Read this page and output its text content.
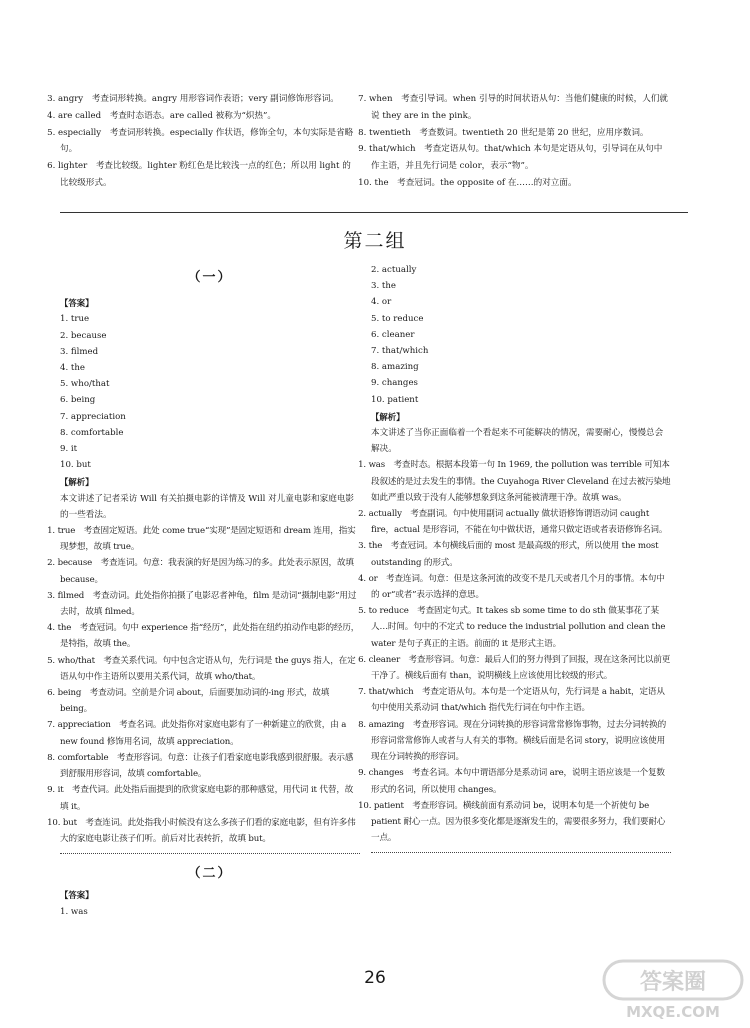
3. angry　考查词形转换。angry 用形容词作表语；very 副词修饰形容词。

4. are called　考查时态语态。are called 被称为“炽热”。

5. especially　考查词形转换。especially 作状语，修饰全句，本句实际是省略句。

6. lighter　考查比较级。lighter 粉红色是比较浅一点的红色；所以用 light 的比较级形式。

7. when　考查引导词。when 引导的时间状语从句：当他们健康的时候，人们就说 they are in the pink。

8. twentieth　考查数词。twentieth 20 世纪是第 20 世纪，应用序数词。

9. that/which　考查定语从句。that/which 本句是定语从句，引导词在从句中作主语，并且先行词是 color，表示“物”。

10. the　考查冠词。the opposite of 在……的对立面。

第二组

（一）

【答案】

1. true

2. because

3. filmed

4. the

5. who/that

6. being

7. appreciation

8. comfortable

9. it

10. but

【解析】

本文讲述了记者采访 Will 有关拍摄电影的详情及 Will 对儿童电影和家庭电影的一些看法。

1. true　考查固定短语。此处 come true“实现”是固定短语和 dream 连用，指实现梦想，故填 true。

2. because　考查连词。句意：我表演的好是因为练习的多。此处表示原因，故填 because。

3. filmed　考查动词。此处指你拍摄了电影忍者神龟，film 是动词“摄制电影”用过去时，故填 filmed。

4. the　考查冠词。句中 experience 指“经历”，此处指在纽约拍动作电影的经历，是特指，故填 the。

5. who/that　考查关系代词。句中包含定语从句，先行词是 the guys 指人，在定语从句中作主语所以要用关系代词，故填 who/that。

6. being　考查动词。空前是介词 about，后面要加动词的-ing 形式，故填 being。

7. appreciation　考查名词。此处指你对家庭电影有了一种新建立的欣赏，由 a new found 修饰用名词，故填 appreciation。

8. comfortable　考查形容词。句意：让孩子们看家庭电影我感到很舒服。表示感到舒服用形容词，故填 comfortable。

9. it　考查代词。此处指后面提到的欣赏家庭电影的那种感觉，用代词 it 代替，故填 it。

10. but　考查连词。此处指我小时候没有这么多孩子们看的家庭电影，但有许多伟大的家庭电影让孩子们听。前后对比表转折，故填 but。

（二）

【答案】

1. was

2. actually

3. the

4. or

5. to reduce

6. cleaner

7. that/which

8. amazing

9. changes

10. patient

【解析】

本文讲述了当你正面临着一个看起来不可能解决的情况，需要耐心，慢慢总会解决。

1. was　考查时态。根据本段第一句 In 1969, the pollution was terrible 可知本段叙述的是过去发生的事情。the Cuyahoga River Cleveland 在过去被污染地如此严重以致于没有人能够想象到这条河能被清理干净。故填 was。

2. actually　考查副词。句中使用副词 actually 做状语修饰谓语动词 caught fire，actual 是形容词，不能在句中做状语，通常只做定语或者表语修饰名词。

3. the　考查冠词。本句横线后面的 most 是最高级的形式，所以使用 the most outstanding 的形式。

4. or　考查连词。句意：但是这条河流的改变不是几天或者几个月的事情。本句中的 or“或者”表示选择的意思。

5. to reduce　考查固定句式。It takes sb some time to do sth 做某事花了某人…时间。句中的不定式 to reduce the industrial pollution and clean the water 是句子真正的主语。前面的 it 是形式主语。

6. cleaner　考查形容词。句意：最后人们的努力得到了回报，现在这条河比以前更干净了。横线后面有 than，说明横线上应该使用比较级的形式。

7. that/which　考查定语从句。本句是一个定语从句，先行词是 a habit，定语从句中使用关系动词 that/which 指代先行词在句中作主语。

8. amazing　考查形容词。现在分词转换的形容词常常修饰事物，过去分词转换的形容词常常修饰人或者与人有关的事物。横线后面是名词 story，说明应该使用现在分词转换的形容词。

9. changes　考查名词。本句中谓语部分是系动词 are，说明主语应该是一个复数形式的名词，所以使用 changes。

10. patient　考查形容词。横线前面有系动词 be，说明本句是一个祈使句 be patient 耐心一点。因为很多变化都是逐渐发生的，需要很多努力，我们要耐心一点。

26	答案圈
MXQE.COM
